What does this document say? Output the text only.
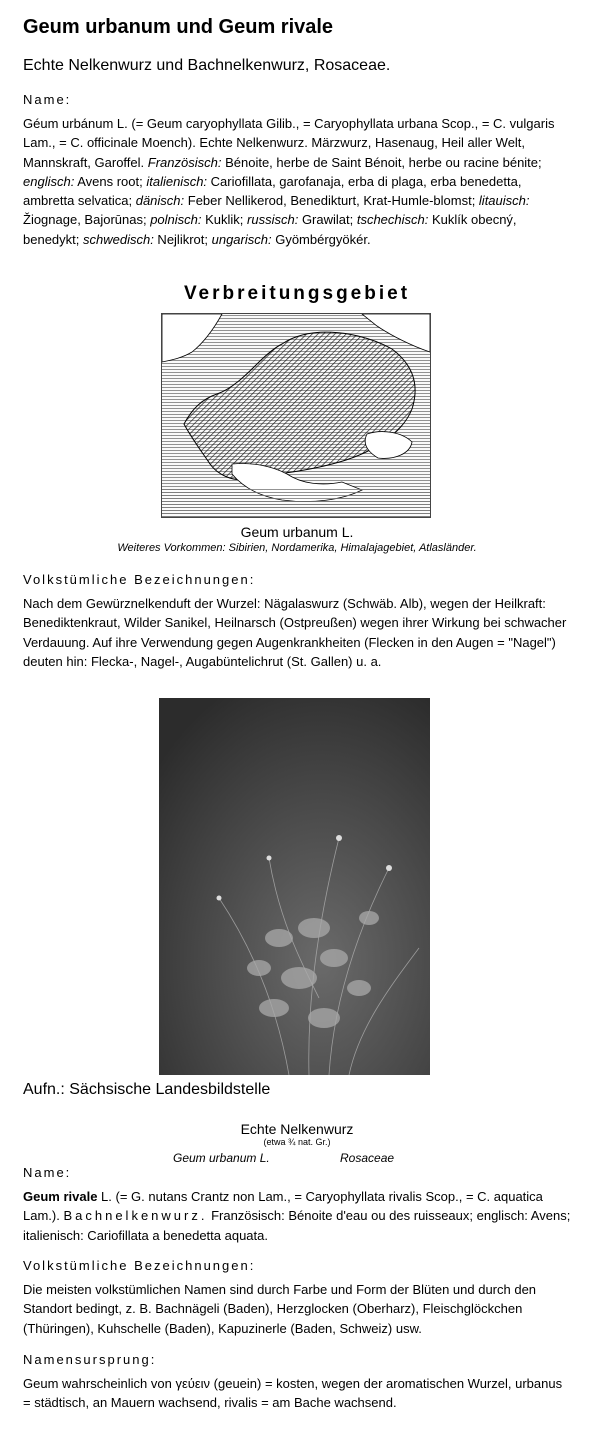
Geum urbanum und Geum rivale
Echte Nelkenwurz und Bachnelkenwurz, Rosaceae.
Name:
Géum urbánum L. (= Geum caryophyllata Gilib., = Caryophyllata urbana Scop., = C. vulgaris Lam., = C. officinale Moench). Echte Nelkenwurz. Märzwurz, Hasenaug, Heil aller Welt, Mannskraft, Garoffel. Französisch: Bénoite, herbe de Saint Bénoit, herbe ou racine bénite; englisch: Avens root; italienisch: Cariofillata, garofanaja, erba di plaga, erba benedetta, ambretta selvatica; dänisch: Feber Nellikerod, Benedikturt, Krat-Humle-blomst; litauisch: Žiognage, Bajorūnas; polnisch: Kuklik; russisch: Grawilat; tschechisch: Kuklík obecný, benedykt; schwedisch: Nejlikrot; ungarisch: Gyömbérgyökér.
Verbreitungsgebiet
Geum urbanum L.
Weiteres Vorkommen: Sibirien, Nordamerika, Himalajagebiet, Atlasländer.
Volkstümliche Bezeichnungen:
Nach dem Gewürznelkenduft der Wurzel: Nägalaswurz (Schwäb. Alb), wegen der Heilkraft: Benediktenkraut, Wilder Sanikel, Heilnarsch (Ostpreußen) wegen ihrer Wirkung bei schwacher Verdauung. Auf ihre Verwendung gegen Augenkrankheiten (Flecken in den Augen = "Nagel") deuten hin: Flecka-, Nagel-, Augabüntelichrut (St. Gallen) u. a.
Aufn.: Sächsische Landesbildstelle
Echte Nelkenwurz
(etwa ¾ nat. Gr.)
Geum urbanum L.	Rosaceae
Name:
Geum rivale L. (= G. nutans Crantz non Lam., = Caryophyllata rivalis Scop., = C. aquatica Lam.). Bachnelkenwurz. Französisch: Bénoite d'eau ou des ruisseaux; englisch: Avens; italienisch: Cariofillata a benedetta aquata.
Volkstümliche Bezeichnungen:
Die meisten volkstümlichen Namen sind durch Farbe und Form der Blüten und durch den Standort bedingt, z. B. Bachnägeli (Baden), Herzglocken (Oberharz), Fleischglöckchen (Thüringen), Kuhschelle (Baden), Kapuzinerle (Baden, Schweiz) usw.
Namensursprung:
Geum wahrscheinlich von γεύειν (geuein) = kosten, wegen der aromatischen Wurzel, urbanus = städtisch, an Mauern wachsend, rivalis = am Bache wachsend.
